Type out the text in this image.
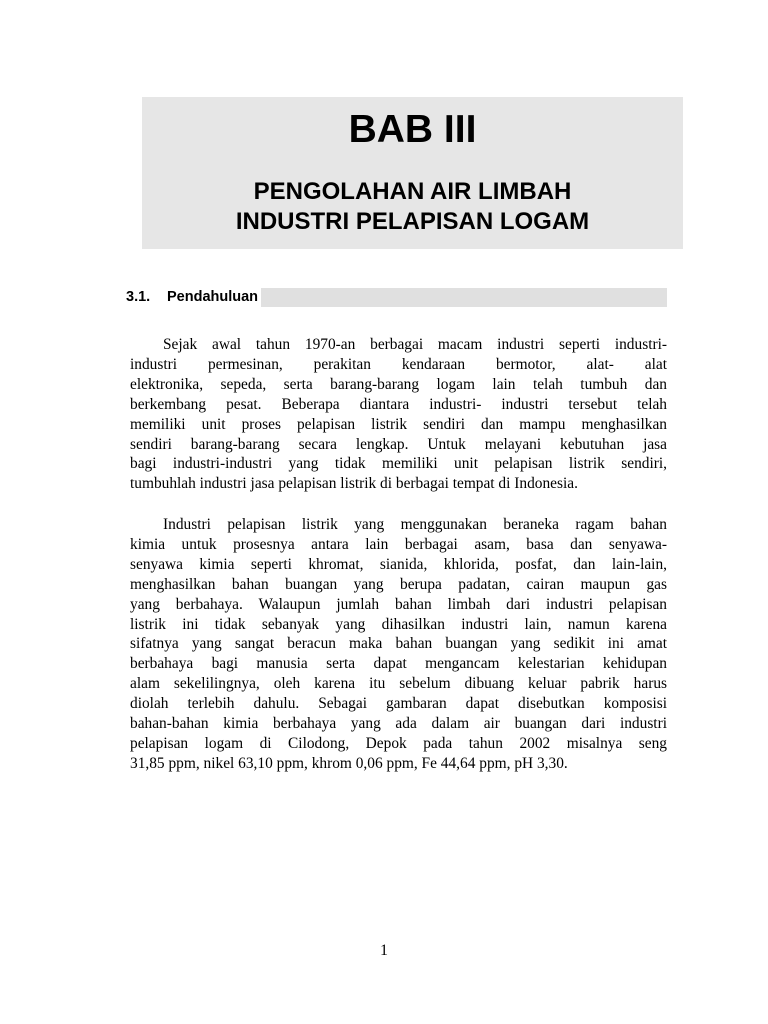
BAB III
PENGOLAHAN AIR LIMBAH
INDUSTRI PELAPISAN LOGAM
3.1. Pendahuluan
Sejak awal tahun 1970-an berbagai macam industri seperti industri-
industri permesinan, perakitan kendaraan bermotor, alat- alat
elektronika, sepeda, serta barang-barang logam lain telah tumbuh dan
berkembang pesat. Beberapa diantara industri- industri tersebut telah
memiliki unit proses pelapisan listrik sendiri dan mampu menghasilkan
sendiri barang-barang secara lengkap. Untuk melayani kebutuhan jasa
bagi industri-industri yang tidak memiliki unit pelapisan listrik sendiri,
tumbuhlah industri jasa pelapisan listrik di berbagai tempat di Indonesia.
Industri pelapisan listrik yang menggunakan beraneka ragam bahan
kimia untuk prosesnya antara lain berbagai asam, basa dan senyawa-
senyawa kimia seperti khromat, sianida, khlorida, posfat, dan lain-lain,
menghasilkan bahan buangan yang berupa padatan, cairan maupun gas
yang berbahaya. Walaupun jumlah bahan limbah dari industri pelapisan
listrik ini tidak sebanyak yang dihasilkan industri lain, namun karena
sifatnya yang sangat beracun maka bahan buangan yang sedikit ini amat
berbahaya bagi manusia serta dapat mengancam kelestarian kehidupan
alam sekelilingnya, oleh karena itu sebelum dibuang keluar pabrik harus
diolah terlebih dahulu. Sebagai gambaran dapat disebutkan komposisi
bahan-bahan kimia berbahaya yang ada dalam air buangan dari industri
pelapisan logam di Cilodong, Depok pada tahun 2002 misalnya seng
31,85 ppm, nikel 63,10 ppm, khrom 0,06 ppm, Fe 44,64 ppm, pH 3,30.
1
